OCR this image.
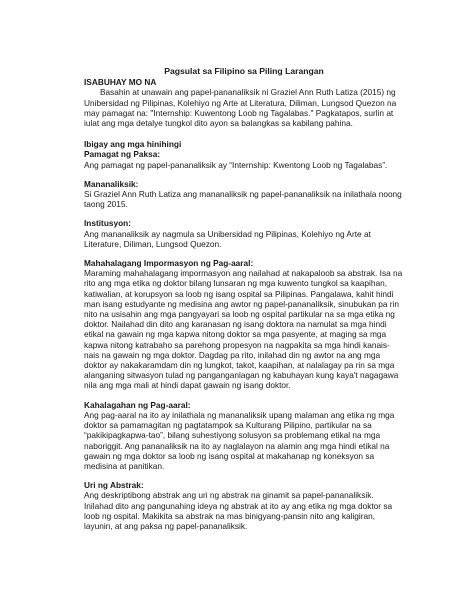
Pagsulat sa Filipino sa Piling Larangan

ISABUHAY MO NA

Basahin at unawain ang papel-pananaliksik ni Graziel Ann Ruth Latiza (2015) ng Unibersidad ng Pilipinas, Kolehiyo ng Arte at Literatura, Diliman, Lungsod Quezon na may pamagat na: "Internship: Kuwentong Loob ng Tagalabas." Pagkatapos, surlin at iulat ang mga detalye tungkol dito ayon sa balangkas sa kabilang pahina.

Ibigay ang mga hinihingi

Pamagat ng Paksa:

Ang pamagat ng papel-pananaliksik ay “Internship: Kwentong Loob ng Tagalabas”.

Mananaliksik:

Si Graziel Ann Ruth Latiza ang mananaliksik ng papel-pananaliksik na inilathala noong taong 2015.

Institusyon:

Ang mananaliksik ay nagmula sa Unibersidad ng Pilipinas, Kolehiyo ng Arte at Literature, Diliman, Lungsod Quezon.

Mahahalagang Impormasyon ng Pag-aaral:

Maraming mahahalagang impormasyon ang nailahad at nakapaloob sa abstrak. Isa na rito ang mga etika ng doktor bilang lunsaran ng mga kuwento tungkol sa kaapihan, katiwalian, at korupsyon sa loob ng isang ospital sa Pilipinas. Pangalawa, kahit hindi man isang estudyante ng medisina ang awtor ng papel-pananaliksik, sinubukan pa rin nito na usisahin ang mga pangyayari sa loob ng ospital partikular na sa mga etika ng doktor. Nailahad din dito ang karanasan ng isang doktora na namulat sa mga hindi etikal na gawain ng mga kapwa nitong doktor sa mga pasyente, at maging sa mga kapwa nitong katrabaho sa parehong propesyon na nagpakita sa mga hindi kanais-nais na gawain ng mga doktor. Dagdag pa rito, inilahad din ng awtor na ang mga doktor ay nakakaramdam din ng lungkot, takot, kaapihan, at nalalagay pa rin sa mga alanganing sitwasyon tulad ng panganganlagan ng kabuhayan kung kaya't nagagawa nila ang mga mali at hindi dapat gawain ng isang doktor.

Kahalagahan ng Pag-aaral:

Ang pag-aaral na ito ay inilathala ng mananaliksik upang malaman ang etika ng mga doktor sa pamamagitan ng pagtatampok sa Kulturang Pilipino, partikular na sa “pakikipagkapwa-tao”, bilang suhestiyong solusyon sa problemang etikal na mga naboriggit. Ang pananaliksik na ito ay naglalayon na alamin ang mga hindi etikal na gawain ng mga doktor sa loob ng isang ospital at makahanap ng koneksyon sa medisina at panitikan.

Uri ng Abstrak:

Ang deskriptibong abstrak ang uri ng abstrak na ginamit sa papel-pananaliksik. Inilahad dito ang pangunahing ideya ng abstrak at ito ay ang etika ng mga doktor sa loob ng ospital. Makikita sa abstrak na mas binigyang-pansin nito ang kaligiran, layunin, at ang paksa ng papel-pananaliksik.
